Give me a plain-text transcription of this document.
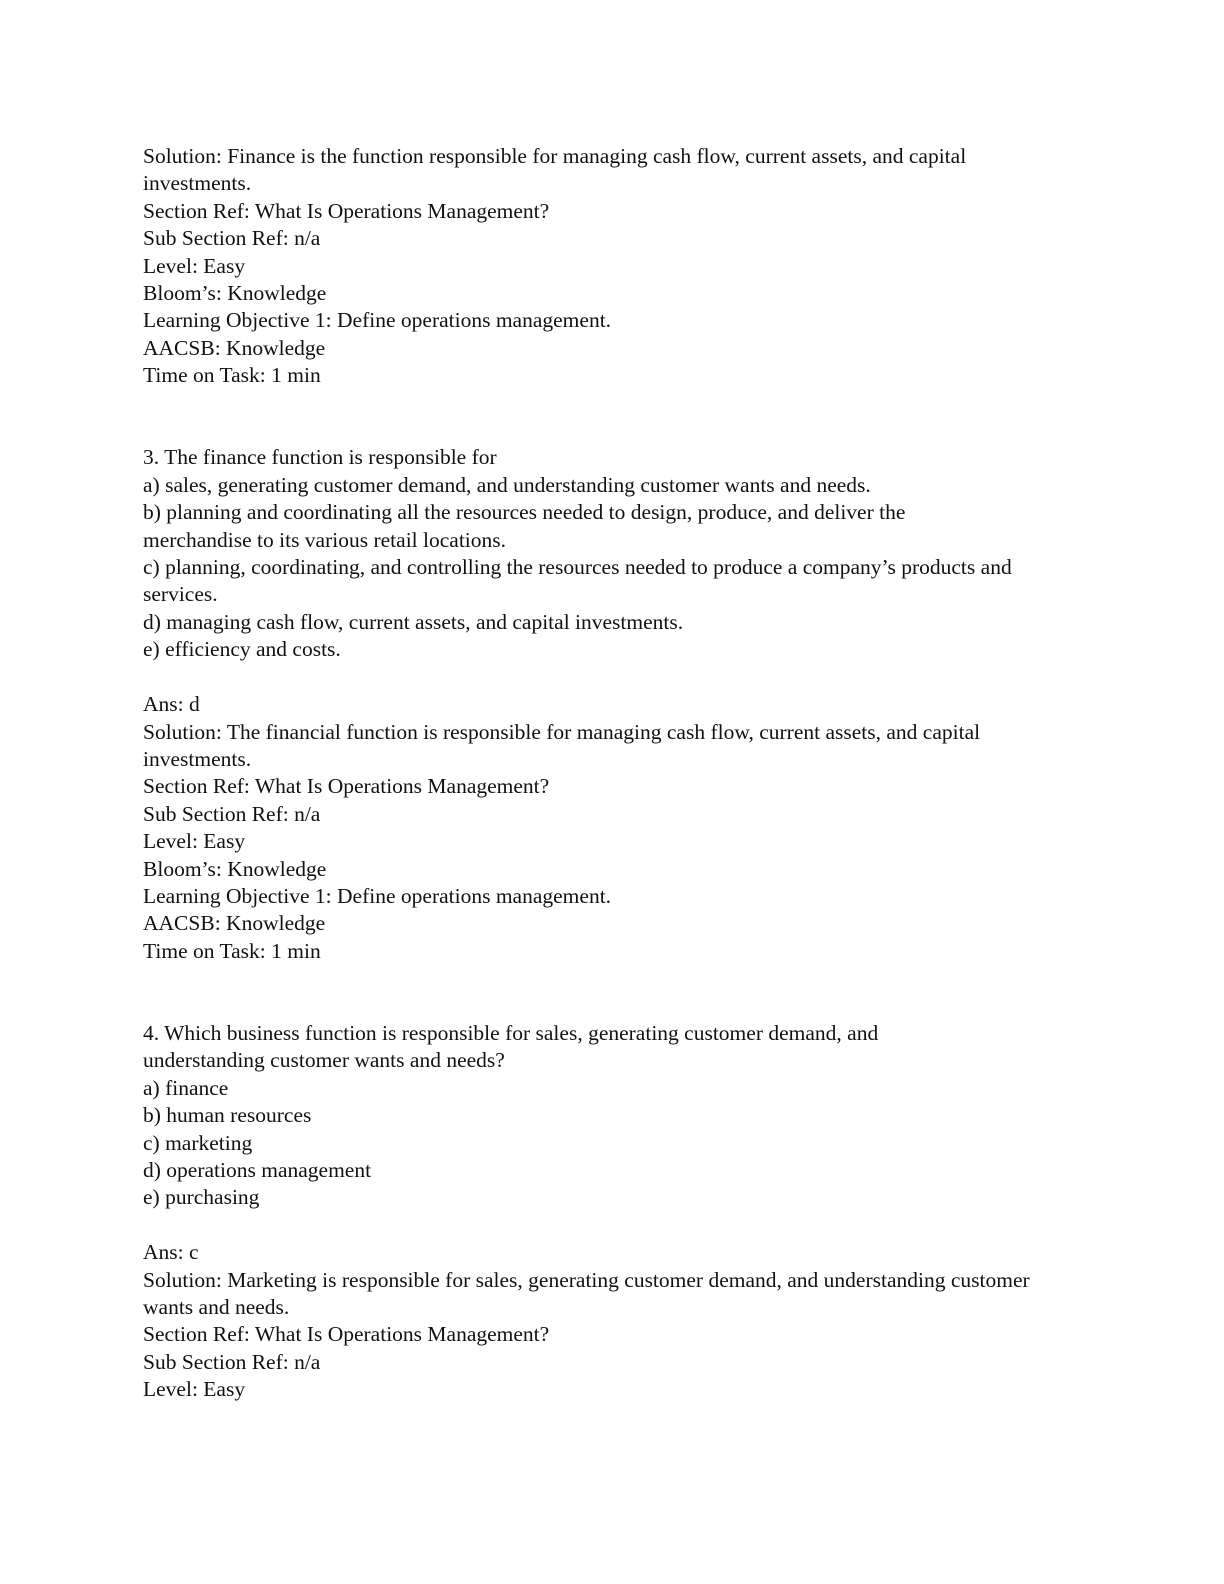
Solution: Finance is the function responsible for managing cash flow, current assets, and capital investments.
Section Ref: What Is Operations Management?
Sub Section Ref: n/a
Level: Easy
Bloom’s: Knowledge
Learning Objective 1: Define operations management.
AACSB: Knowledge
Time on Task: 1 min
3. The finance function is responsible for
a) sales, generating customer demand, and understanding customer wants and needs.
b) planning and coordinating all the resources needed to design, produce, and deliver the merchandise to its various retail locations.
c) planning, coordinating, and controlling the resources needed to produce a company’s products and services.
d) managing cash flow, current assets, and capital investments.
e) efficiency and costs.
Ans: d
Solution: The financial function is responsible for managing cash flow, current assets, and capital investments.
Section Ref: What Is Operations Management?
Sub Section Ref: n/a
Level: Easy
Bloom’s: Knowledge
Learning Objective 1: Define operations management.
AACSB: Knowledge
Time on Task: 1 min
4. Which business function is responsible for sales, generating customer demand, and understanding customer wants and needs?
a) finance
b) human resources
c) marketing
d) operations management
e) purchasing
Ans: c
Solution: Marketing is responsible for sales, generating customer demand, and understanding customer wants and needs.
Section Ref: What Is Operations Management?
Sub Section Ref: n/a
Level: Easy
